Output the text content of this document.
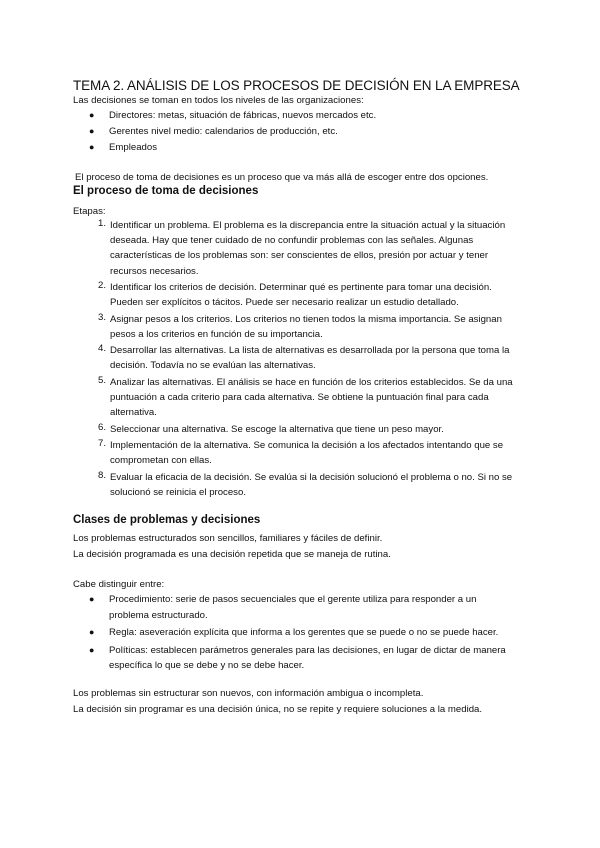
TEMA 2. ANÁLISIS DE LOS PROCESOS DE DECISIÓN EN LA EMPRESA
Las decisiones se toman en todos los niveles de las organizaciones:
● Directores: metas, situación de fábricas, nuevos mercados etc.
● Gerentes nivel medio: calendarios de producción, etc.
● Empleados
El proceso de toma de decisiones es un proceso que va más allá de escoger entre dos opciones.
El proceso de toma de decisiones
Etapas:
1. Identificar un problema. El problema es la discrepancia entre la situación actual y la situación
deseada. Hay que tener cuidado de no confundir problemas con las señales. Algunas
características de los problemas son: ser conscientes de ellos, presión por actuar y tener
recursos necesarios.
2. Identificar los criterios de decisión. Determinar qué es pertinente para tomar una decisión.
Pueden ser explícitos o tácitos. Puede ser necesario realizar un estudio detallado.
3. Asignar pesos a los criterios. Los criterios no tienen todos la misma importancia. Se asignan
pesos a los criterios en función de su importancia.
4. Desarrollar las alternativas. La lista de alternativas es desarrollada por la persona que toma la
decisión. Todavía no se evalúan las alternativas.
5. Analizar las alternativas. El análisis se hace en función de los criterios establecidos. Se da una
puntuación a cada criterio para cada alternativa. Se obtiene la puntuación final para cada
alternativa.
6. Seleccionar una alternativa. Se escoge la alternativa que tiene un peso mayor.
7. Implementación de la alternativa. Se comunica la decisión a los afectados intentando que se
comprometan con ellas.
8. Evaluar la eficacia de la decisión. Se evalúa si la decisión solucionó el problema o no. Si no se
solucionó se reinicia el proceso.
Clases de problemas y decisiones
Los problemas estructurados son sencillos, familiares y fáciles de definir.
La decisión programada es una decisión repetida que se maneja de rutina.
Cabe distinguir entre:
● Procedimiento: serie de pasos secuenciales que el gerente utiliza para responder a un
problema estructurado.
● Regla: aseveración explícita que informa a los gerentes que se puede o no se puede hacer.
● Políticas: establecen parámetros generales para las decisiones, en lugar de dictar de manera
específica lo que se debe y no se debe hacer.
Los problemas sin estructurar son nuevos, con información ambigua o incompleta.
La decisión sin programar es una decisión única, no se repite y requiere soluciones a la medida.
